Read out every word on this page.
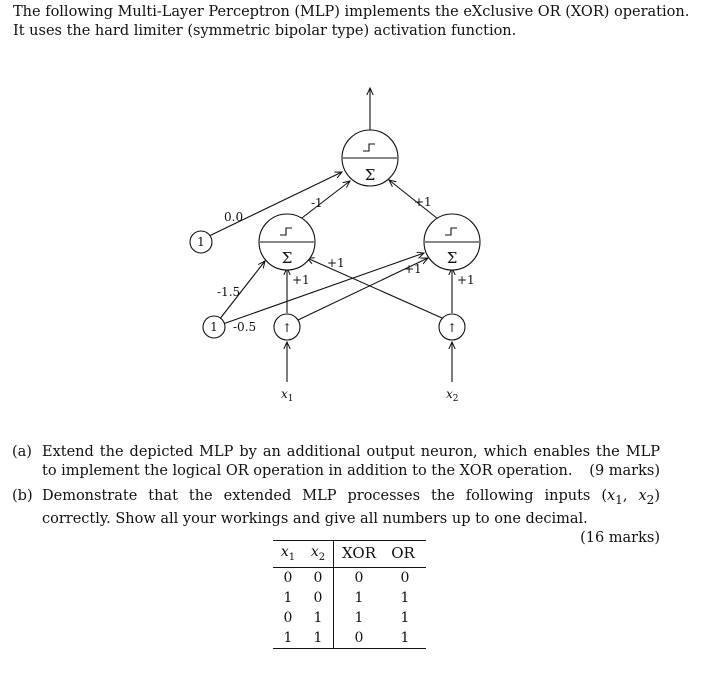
The following Multi-Layer Perceptron (MLP) implements the eXclusive OR (XOR) operation.

It uses the hard limiter (symmetric bipolar type) activation function.

Σ
Σ	Σ
1
1	↑	↑
0.0
-1	+1
-1.5
-0.5
+1
+1
+1
+1
$x_1$	$x_2$
(a) Extend the depicted MLP by an additional output neuron, which enables the MLP to implement the logical OR operation in addition to the XOR operation. (9 marks)
(b) Demonstrate that the extended MLP processes the following inputs ($x_1$, $x_2$) correctly. Show all your workings and give all numbers up to one decimal.
(16 marks)
$x_1$	$x_2$	XOR	OR
0	0	0	0
1	0	1	1
0	1	1	1
1	1	0	1
